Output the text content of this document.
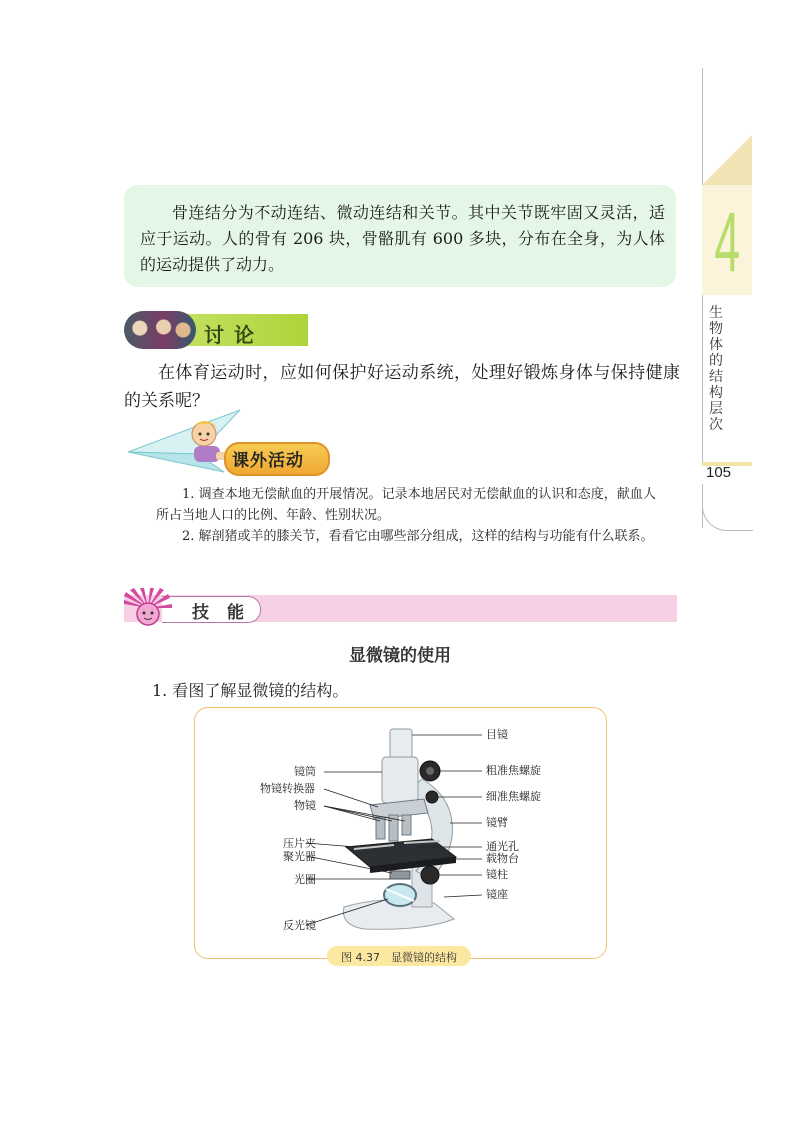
4
生物体的结构层次
105
骨连结分为不动连结、微动连结和关节。其中关节既牢固又灵活，适应于运动。人的骨有 206 块，骨骼肌有 600 多块，分布在全身，为人体的运动提供了动力。
讨论
在体育运动时，应如何保护好运动系统，处理好锻炼身体与保持健康的关系呢？
课外活动

1. 调查本地无偿献血的开展情况。记录本地居民对无偿献血的认识和态度，献血人所占当地人口的比例、年龄、性别状况。

2. 解剖猪或羊的膝关节，看看它由哪些部分组成，这样的结构与功能有什么联系。

技能
显微镜的使用
1. 看图了解显微镜的结构。
镜筒
物镜转换器
物镜
压片夹
聚光器
光圈
反光镜
目镜
粗准焦螺旋
细准焦螺旋
镜臂
通光孔
载物台
镜柱
镜座
图 4.37　显微镜的结构
